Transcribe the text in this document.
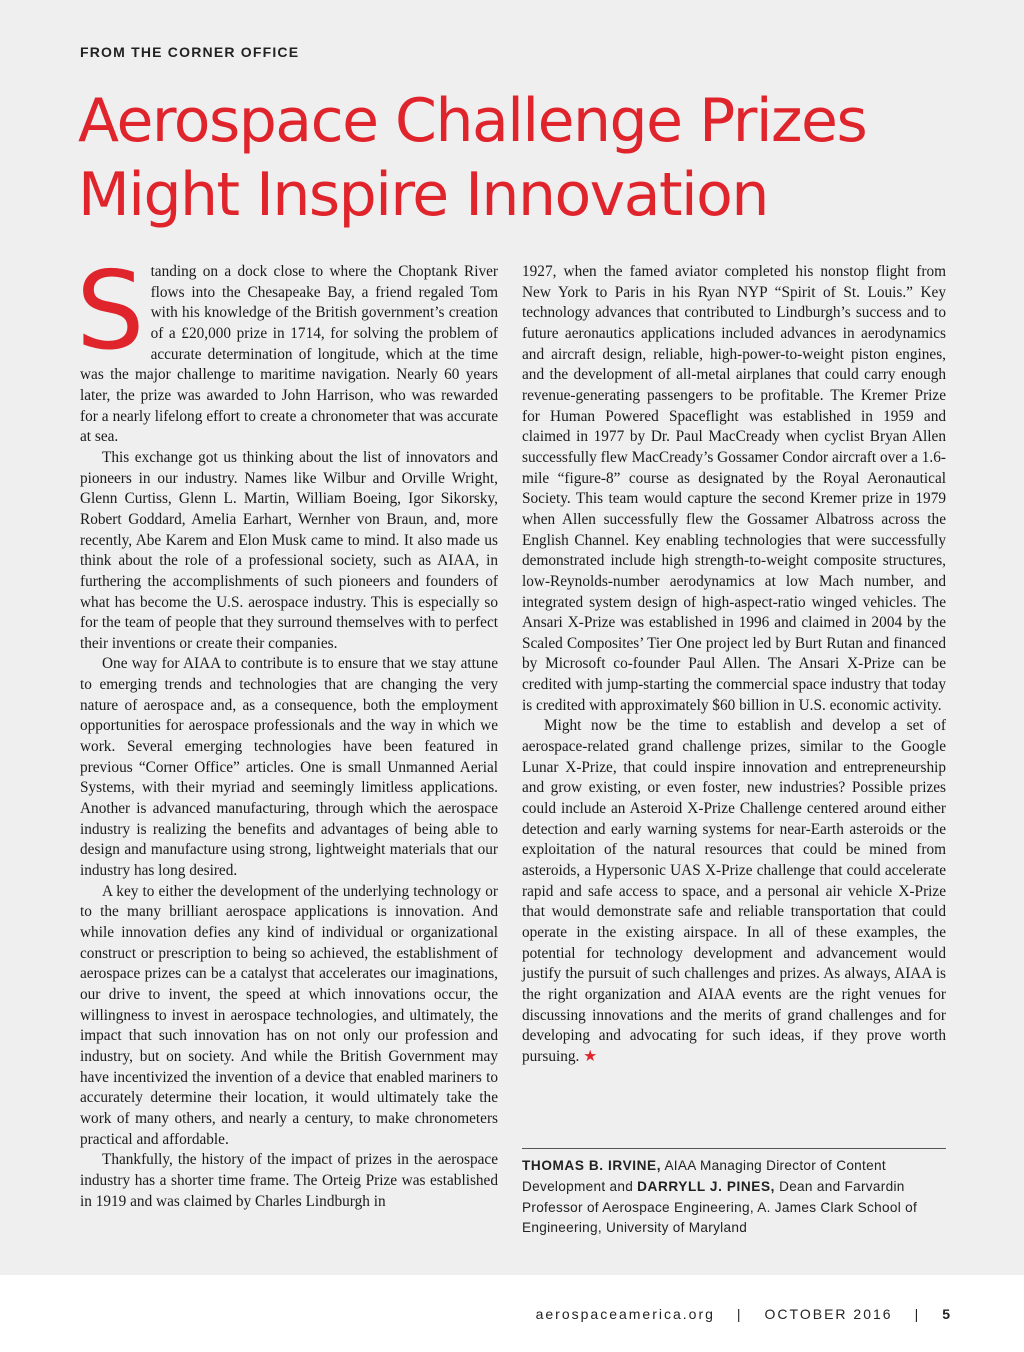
FROM THE CORNER OFFICE
Aerospace Challenge Prizes
Might Inspire Innovation

Standing on a dock close to where the Choptank River flows into the Chesapeake Bay, a friend regaled Tom with his knowledge of the British government’s creation of a £20,000 prize in 1714, for solving the problem of accurate determination of longitude, which at the time was the major challenge to maritime navigation. Nearly 60 years later, the prize was awarded to John Harrison, who was rewarded for a nearly lifelong effort to create a chronometer that was accurate at sea.

This exchange got us thinking about the list of innovators and pioneers in our industry. Names like Wilbur and Orville Wright, Glenn Curtiss, Glenn L. Martin, William Boeing, Igor Sikorsky, Robert Goddard, Amelia Earhart, Wernher von Braun, and, more recently, Abe Karem and Elon Musk came to mind. It also made us think about the role of a professional society, such as AIAA, in furthering the accomplishments of such pioneers and founders of what has become the U.S. aerospace industry. This is especially so for the team of people that they surround themselves with to perfect their inventions or create their companies.

One way for AIAA to contribute is to ensure that we stay attune to emerging trends and technologies that are changing the very nature of aerospace and, as a consequence, both the employment opportunities for aerospace professionals and the way in which we work. Several emerging technologies have been featured in previous “Corner Office” articles. One is small Unmanned Aerial Systems, with their myriad and seemingly limitless applications. Another is advanced manufacturing, through which the aerospace industry is realizing the benefits and advantages of being able to design and manufacture using strong, lightweight materials that our industry has long desired.

A key to either the development of the underlying technology or to the many brilliant aerospace applications is innovation. And while innovation defies any kind of individual or organizational construct or prescription to being so achieved, the establishment of aerospace prizes can be a catalyst that accelerates our imaginations, our drive to invent, the speed at which innovations occur, the willingness to invest in aerospace technologies, and ultimately, the impact that such innovation has on not only our profession and industry, but on society. And while the British Government may have incentivized the invention of a device that enabled mariners to accurately determine their location, it would ultimately take the work of many others, and nearly a century, to make chronometers practical and affordable.

Thankfully, the history of the impact of prizes in the aerospace industry has a shorter time frame. The Orteig Prize was established in 1919 and was claimed by Charles Lindburgh in

1927, when the famed aviator completed his nonstop flight from New York to Paris in his Ryan NYP “Spirit of St. Louis.” Key technology advances that contributed to Lindburgh’s success and to future aeronautics applications included advances in aerodynamics and aircraft design, reliable, high-power-to-weight piston engines, and the development of all-metal airplanes that could carry enough revenue-generating passengers to be profitable. The Kremer Prize for Human Powered Spaceflight was established in 1959 and claimed in 1977 by Dr. Paul MacCready when cyclist Bryan Allen successfully flew MacCready’s Gossamer Condor aircraft over a 1.6-mile “figure-8” course as designated by the Royal Aeronautical Society. This team would capture the second Kremer prize in 1979 when Allen successfully flew the Gossamer Albatross across the English Channel. Key enabling technologies that were successfully demonstrated include high strength-to-weight composite structures, low-Reynolds-number aerodynamics at low Mach number, and integrated system design of high-aspect-ratio winged vehicles. The Ansari X-Prize was established in 1996 and claimed in 2004 by the Scaled Composites’ Tier One project led by Burt Rutan and financed by Microsoft co-founder Paul Allen. The Ansari X-Prize can be credited with jump-starting the commercial space industry that today is credited with approximately $60 billion in U.S. economic activity.

Might now be the time to establish and develop a set of aerospace-related grand challenge prizes, similar to the Google Lunar X-Prize, that could inspire innovation and entrepreneurship and grow existing, or even foster, new industries? Possible prizes could include an Asteroid X-Prize Challenge centered around either detection and early warning systems for near-Earth asteroids or the exploitation of the natural resources that could be mined from asteroids, a Hypersonic UAS X-Prize challenge that could accelerate rapid and safe access to space, and a personal air vehicle X-Prize that would demonstrate safe and reliable transportation that could operate in the existing airspace. In all of these examples, the potential for technology development and advancement would justify the pursuit of such challenges and prizes. As always, AIAA is the right organization and AIAA events are the right venues for discussing innovations and the merits of grand challenges and for developing and advocating for such ideas, if they prove worth pursuing. ★

THOMAS B. IRVINE, AIAA Managing Director of Content Development and DARRYLL J. PINES, Dean and Farvardin Professor of Aerospace Engineering, A. James Clark School of Engineering, University of Maryland
aerospaceamerica.org | OCTOBER 2016 | 5
